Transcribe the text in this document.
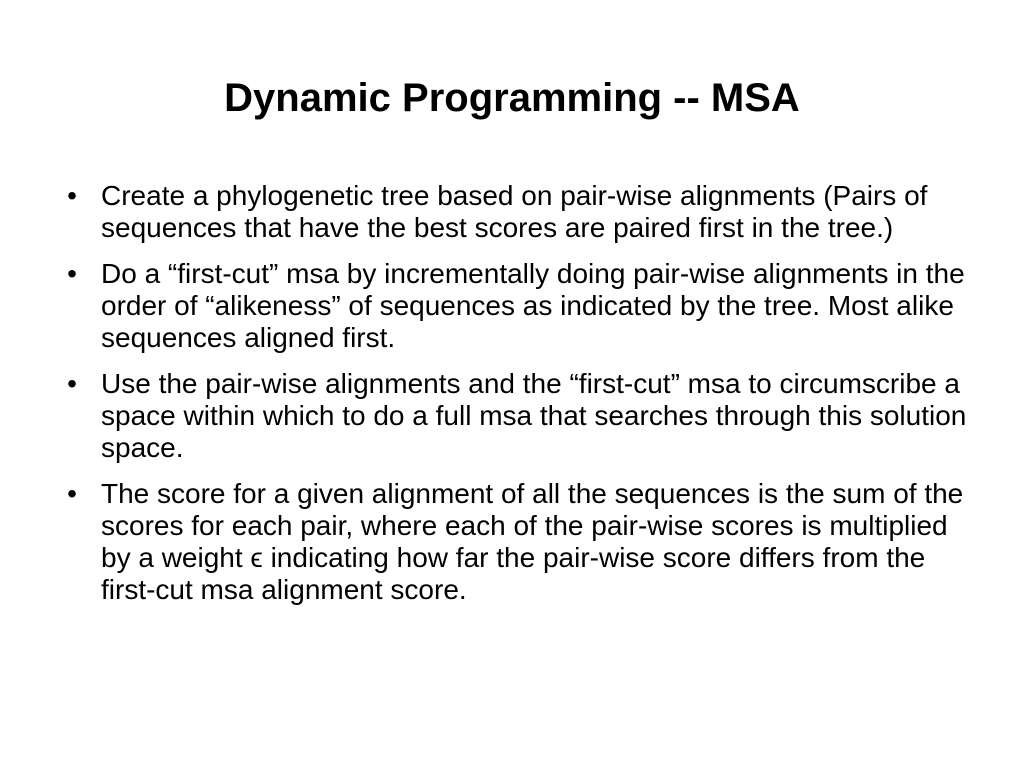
Dynamic Programming -- MSA
• Create a phylogenetic tree based on pair-wise alignments (Pairs of sequences that have the best scores are paired first in the tree.)
• Do a “first-cut” msa by incrementally doing pair-wise alignments in the order of “alikeness” of sequences as indicated by the tree. Most alike sequences aligned first.
• Use the pair-wise alignments and the “first-cut” msa to circumscribe a space within which to do a full msa that searches through this solution space.
• The score for a given alignment of all the sequences is the sum of the scores for each pair, where each of the pair-wise scores is multiplied by a weight ϵ indicating how far the pair-wise score differs from the first-cut msa alignment score.
